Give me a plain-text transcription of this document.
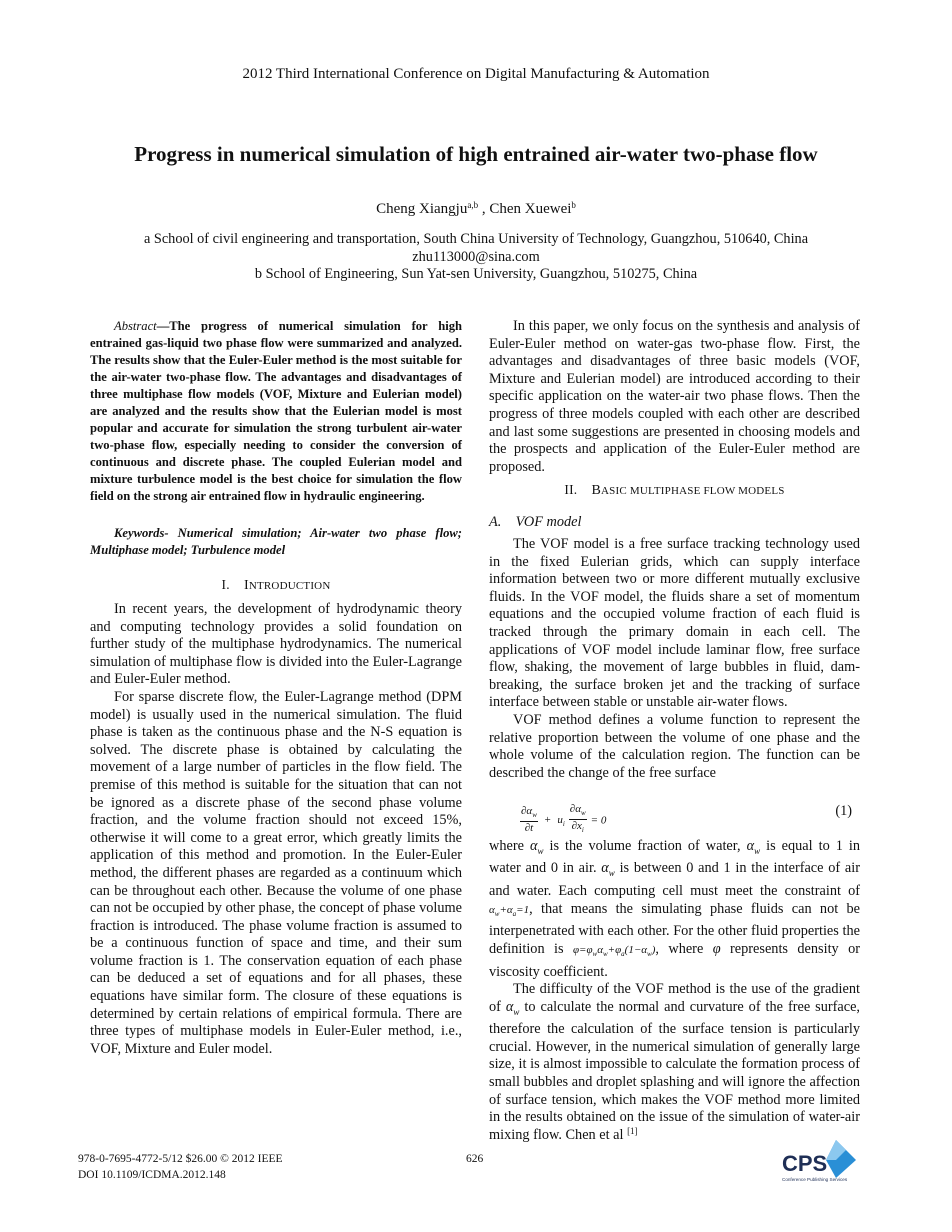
2012 Third International Conference on Digital Manufacturing & Automation
Progress in numerical simulation of high entrained air-water two-phase flow
Cheng Xiangju$^{a,b}$ , Chen Xuewei$^b$
a School of civil engineering and transportation, South China University of Technology, Guangzhou, 510640, China
zhu113000@sina.com
b School of Engineering, Sun Yat-sen University, Guangzhou, 510275, China

Abstract—The progress of numerical simulation for high entrained gas-liquid two phase flow were summarized and analyzed. The results show that the Euler-Euler method is the most suitable for the air-water two-phase flow. The advantages and disadvantages of three multiphase flow models (VOF, Mixture and Eulerian model) are analyzed and the results show that the Eulerian model is most popular and accurate for simulation the strong turbulent air-water two-phase flow, especially needing to consider the conversion of continuous and discrete phase. The coupled Eulerian model and mixture turbulence model is the best choice for simulation the flow field on the strong air entrained flow in hydraulic engineering.

Keywords- Numerical simulation; Air-water two phase flow; Multiphase model; Turbulence model

I. INTRODUCTION

In recent years, the development of hydrodynamic theory and computing technology provides a solid foundation on further study of the multiphase hydrodynamics. The numerical simulation of multiphase flow is divided into the Euler-Lagrange and Euler-Euler method.

For sparse discrete flow, the Euler-Lagrange method (DPM model) is usually used in the numerical simulation. The fluid phase is taken as the continuous phase and the N-S equation is solved. The discrete phase is obtained by calculating the movement of a large number of particles in the flow field. The premise of this method is suitable for the situation that can not be ignored as a discrete phase of the second phase volume fraction, and the volume fraction should not exceed 15%, otherwise it will come to a great error, which greatly limits the application of this method and promotion. In the Euler-Euler method, the different phases are regarded as a continuum which can be throughout each other. Because the volume of one phase can not be occupied by other phase, the concept of phase volume fraction is introduced. The phase volume fraction is assumed to be a continuous function of space and time, and their sum volume fraction is 1. The conservation equation of each phase can be deduced a set of equations and for all phases, these equations have similar form. The closure of these equations is determined by certain relations of empirical formula. There are three types of multiphase models in Euler-Euler method, i.e., VOF, Mixture and Euler model.

In this paper, we only focus on the synthesis and analysis of Euler-Euler method on water-gas two-phase flow. First, the advantages and disadvantages of three basic models (VOF, Mixture and Eulerian model) are introduced according to their specific application on the water-air two phase flows. Then the progress of three models coupled with each other are described and last some suggestions are presented in choosing models and the prospects and application of the Euler-Euler method are proposed.

II. BASIC MULTIPHASE FLOW MODELS
A. VOF model

The VOF model is a free surface tracking technology used in the fixed Eulerian grids, which can supply interface information between two or more different mutually exclusive fluids. In the VOF model, the fluids share a set of momentum equations and the occupied volume fraction of each fluid is tracked through the primary domain in each cell. The applications of VOF model include laminar flow, free surface flow, shaking, the movement of large bubbles in fluid, dam-breaking, the surface broken jet and the tracking of surface interface between stable or unstable air-water flows.

VOF method defines a volume function to represent the relative proportion between the volume of one phase and the whole volume of the calculation region. The function can be described the change of the free surface

$\frac{\partial\alpha_w}{\partial t} + u_i \frac{\partial\alpha_w}{\partial x_i} = 0$
(1)

where $\alpha_w$ is the volume fraction of water, $\alpha_w$ is equal to 1 in water and 0 in air. $\alpha_w$ is between 0 and 1 in the interface of air and water. Each computing cell must meet the constraint of $\alpha_w+\alpha_a=1$, that means the simulating phase fluids can not be interpenetrated with each other. For the other fluid properties the definition is $\varphi=\varphi_w\alpha_w+\varphi_a(1-\alpha_w)$, where φ represents density or viscosity coefficient.

The difficulty of the VOF method is the use of the gradient of $\alpha_w$ to calculate the normal and curvature of the free surface, therefore the calculation of the surface tension is particularly crucial. However, in the numerical simulation of generally large size, it is almost impossible to calculate the formation process of small bubbles and droplet splashing and will ignore the affection of surface tension, which makes the VOF method more limited in the results obtained on the issue of the simulation of water-air mixing flow. Chen et al [1]

978-0-7695-4772-5/12 $26.00 © 2012 IEEE
DOI 10.1109/ICDMA.2012.148
626	CPS
Conference Publishing Services
